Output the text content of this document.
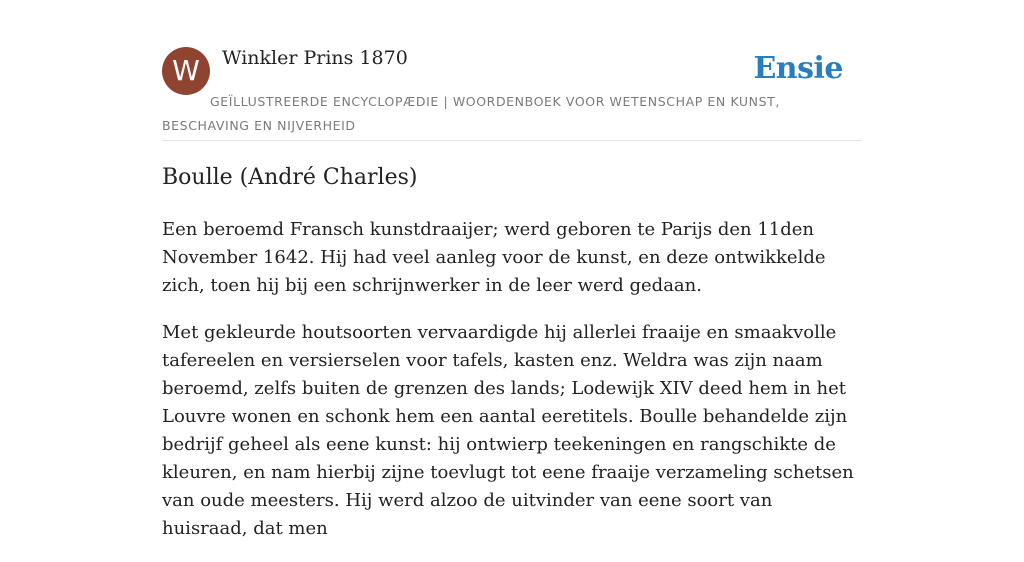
W	Winkler Prins 1870	Ensie
GEÏLLUSTREERDE ENCYCLOPÆDIE | WOORDENBOEK VOOR WETENSCHAP EN KUNST, BESCHAVING EN NIJVERHEID
Boulle (André Charles)

Een beroemd Fransch kunstdraaijer; werd geboren te Parijs den 11den November 1642. Hij had veel aanleg voor de kunst, en deze ontwikkelde zich, toen hij bij een schrijnwerker in de leer werd gedaan.

Met gekleurde houtsoorten vervaardigde hij allerlei fraaije en smaakvolle tafereelen en versierselen voor tafels, kasten enz. Weldra was zijn naam beroemd, zelfs buiten de grenzen des lands; Lodewijk XIV deed hem in het Louvre wonen en schonk hem een aantal eeretitels. Boulle behandelde zijn bedrijf geheel als eene kunst: hij ontwierp teekeningen en rangschikte de kleuren, en nam hierbij zijne toevlugt tot eene fraaije verzameling schetsen van oude meesters. Hij werd alzoo de uitvinder van eene soort van huisraad, dat men
